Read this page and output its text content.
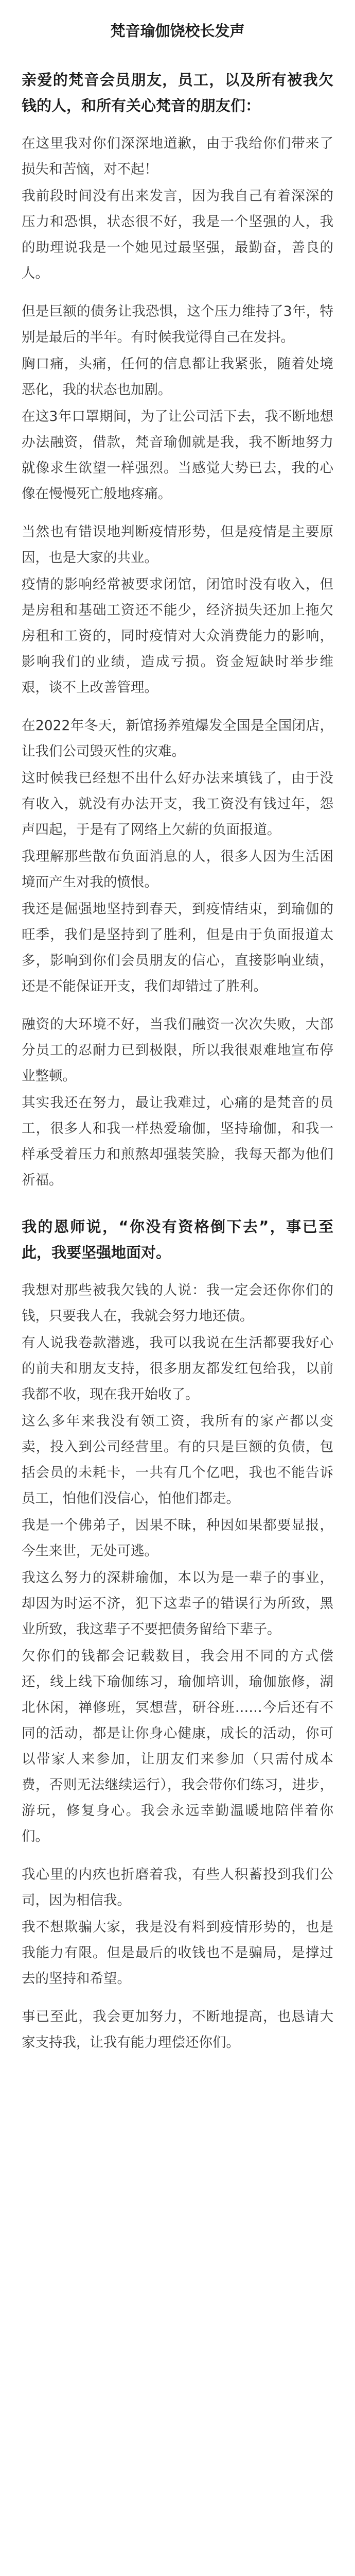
梵音瑜伽饶校长发声

亲爱的梵音会员朋友，员工，以及所有被我欠钱的人，和所有关心梵音的朋友们：

在这里我对你们深深地道歉，由于我给你们带来了损失和苦恼，对不起！

我前段时间没有出来发言，因为我自己有着深深的压力和恐惧，状态很不好，我是一个坚强的人，我的助理说我是一个她见过最坚强，最勤奋，善良的人。

但是巨额的债务让我恐惧，这个压力维持了3年，特别是最后的半年。有时候我觉得自己在发抖。

胸口痛，头痛，任何的信息都让我紧张，随着处境恶化，我的状态也加剧。

在这3年口罩期间，为了让公司活下去，我不断地想办法融资，借款，梵音瑜伽就是我，我不断地努力就像求生欲望一样强烈。当感觉大势已去，我的心像在慢慢死亡般地疼痛。

当然也有错误地判断疫情形势，但是疫情是主要原因，也是大家的共业。

疫情的影响经常被要求闭馆，闭馆时没有收入，但是房租和基础工资还不能少，经济损失还加上拖欠房租和工资的，同时疫情对大众消费能力的影响，影响我们的业绩，造成亏损。资金短缺时举步维艰，谈不上改善管理。

在2022年冬天，新馆扬养殖爆发全国是全国闭店，让我们公司毁灭性的灾难。

这时候我已经想不出什么好办法来填钱了，由于没有收入，就没有办法开支，我工资没有钱过年，怨声四起，于是有了网络上欠薪的负面报道。

我理解那些散布负面消息的人，很多人因为生活困境而产生对我的愤恨。

我还是倔强地坚持到春天，到疫情结束，到瑜伽的旺季，我们是坚持到了胜利，但是由于负面报道太多，影响到你们会员朋友的信心，直接影响业绩，还是不能保证开支，我们却错过了胜利。

融资的大环境不好，当我们融资一次次失败，大部分员工的忍耐力已到极限，所以我很艰难地宣布停业整顿。

其实我还在努力，最让我难过，心痛的是梵音的员工，很多人和我一样热爱瑜伽，坚持瑜伽，和我一样承受着压力和煎熬却强装笑脸，我每天都为他们祈福。

我的恩师说，“你没有资格倒下去”，事已至此，我要坚强地面对。

我想对那些被我欠钱的人说：我一定会还你你们的钱，只要我人在，我就会努力地还债。

有人说我卷款潜逃，我可以我说在生活都要我好心的前夫和朋友支持，很多朋友都发红包给我，以前我都不收，现在我开始收了。

这么多年来我没有领工资，我所有的家产都以变卖，投入到公司经营里。有的只是巨额的负债，包括会员的未耗卡，一共有几个亿吧，我也不能告诉员工，怕他们没信心，怕他们都走。

我是一个佛弟子，因果不昧，种因如果都要显报，今生来世，无处可逃。

我这么努力的深耕瑜伽，本以为是一辈子的事业，却因为时运不济，犯下这辈子的错误行为所致，黑业所致，我这辈子不要把债务留给下辈子。

欠你们的钱都会记载数目，我会用不同的方式偿还，线上线下瑜伽练习，瑜伽培训，瑜伽旅修，湖北休闲，禅修班，冥想营，研谷班……今后还有不同的活动，都是让你身心健康，成长的活动，你可以带家人来参加，让朋友们来参加（只需付成本费，否则无法继续运行），我会带你们练习，进步，游玩，修复身心。我会永远幸勤温暖地陪伴着你们。

我心里的内疚也折磨着我，有些人积蓄投到我们公司，因为相信我。

我不想欺骗大家，我是没有料到疫情形势的，也是我能力有限。但是最后的收钱也不是骗局，是撑过去的坚持和希望。

事已至此，我会更加努力，不断地提高，也恳请大家支持我，让我有能力理偿还你们。
